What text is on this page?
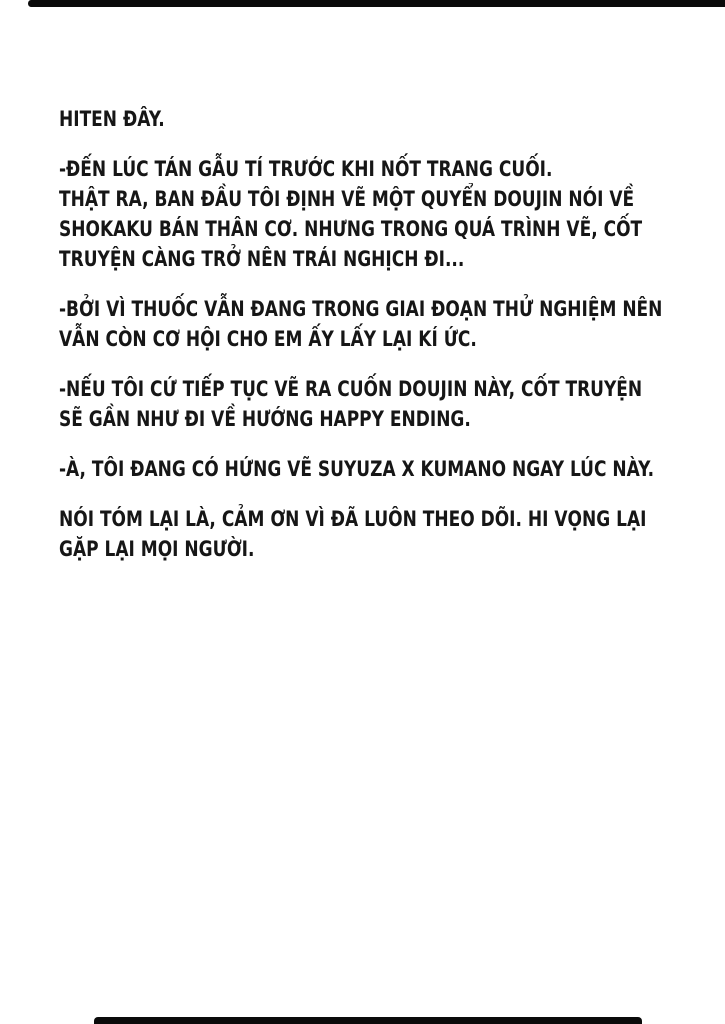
HITEN ĐÂY.

-ĐẾN LÚC TÁN GẪU TÍ TRƯỚC KHI NỐT TRANG CUỐI.
THẬT RA, BAN ĐẦU TÔI ĐỊNH VẼ MỘT QUYỂN DOUJIN NÓI VỀ
SHOKAKU BÁN THÂN CƠ. NHƯNG TRONG QUÁ TRÌNH VẼ, CỐT
TRUYỆN CÀNG TRỞ NÊN TRÁI NGHỊCH ĐI...

-BỞI VÌ THUỐC VẪN ĐANG TRONG GIAI ĐOẠN THỬ NGHIỆM NÊN
VẪN CÒN CƠ HỘI CHO EM ẤY LẤY LẠI KÍ ỨC.

-NẾU TÔI CỨ TIẾP TỤC VẼ RA CUỐN DOUJIN NÀY, CỐT TRUYỆN
SẼ GẦN NHƯ ĐI VỀ HƯỚNG HAPPY ENDING.

-À, TÔI ĐANG CÓ HỨNG VẼ SUYUZA X KUMANO NGAY LÚC NÀY.

NÓI TÓM LẠI LÀ, CẢM ƠN VÌ ĐÃ LUÔN THEO DÕI. HI VỌNG LẠI
GẶP LẠI MỌI NGƯỜI.
